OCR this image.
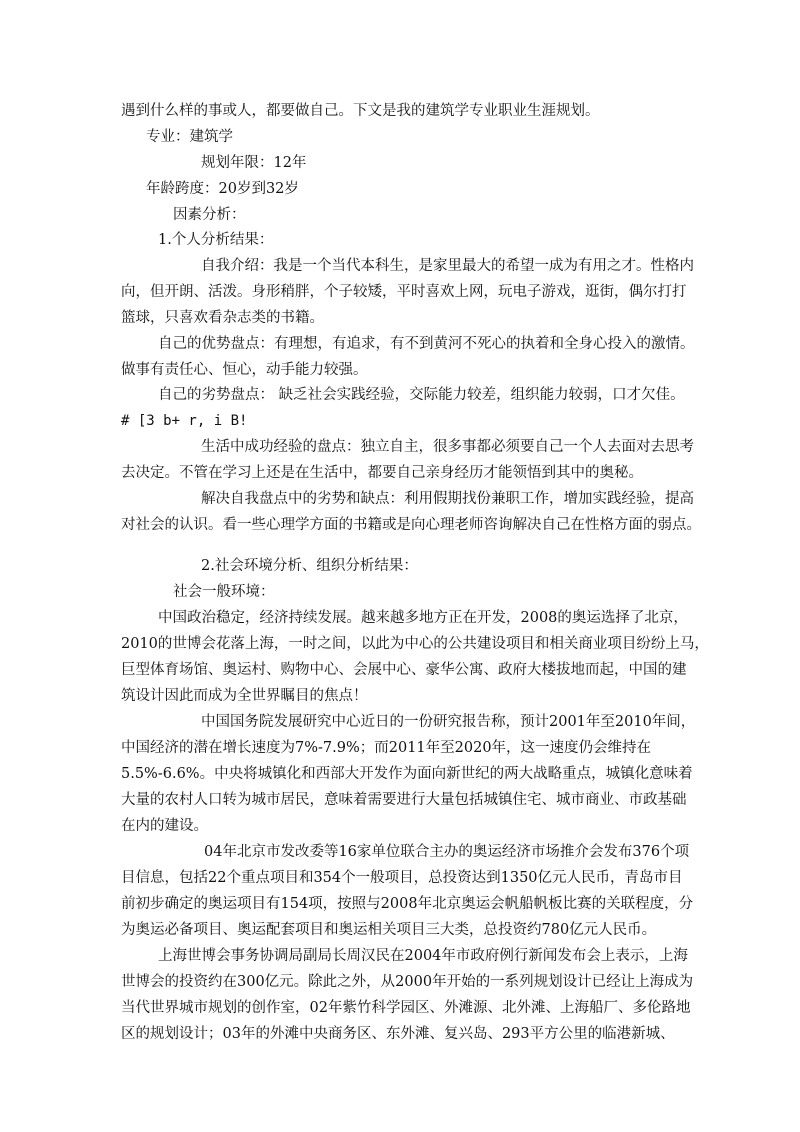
遇到什么样的事或人，都要做自己。下文是我的建筑学专业职业生涯规划。
专业：建筑学
规划年限：12年
年龄跨度：20岁到32岁
因素分析：
1.个人分析结果：
自我介绍：我是一个当代本科生，是家里最大的希望一成为有用之才。性格内
向，但开朗、活泼。身形稍胖，个子较矮，平时喜欢上网，玩电子游戏，逛街，偶尔打打
篮球，只喜欢看杂志类的书籍。
自己的优势盘点：有理想，有追求，有不到黄河不死心的执着和全身心投入的激情。
做事有责任心、恒心，动手能力较强。
自己的劣势盘点： 缺乏社会实践经验，交际能力较差，组织能力较弱，口才欠佳。
# [3 b+ r, i B!
生活中成功经验的盘点：独立自主，很多事都必须要自己一个人去面对去思考
去决定。不管在学习上还是在生活中，都要自己亲身经历才能领悟到其中的奥秘。
解决自我盘点中的劣势和缺点：利用假期找份兼职工作，增加实践经验，提高
对社会的认识。看一些心理学方面的书籍或是向心理老师咨询解决自己在性格方面的弱点。
2.社会环境分析、组织分析结果：
社会一般环境：
中国政治稳定，经济持续发展。越来越多地方正在开发，2008的奥运选择了北京，
2010的世博会花落上海，一时之间，以此为中心的公共建设项目和相关商业项目纷纷上马，
巨型体育场馆、奥运村、购物中心、会展中心、豪华公寓、政府大楼拔地而起，中国的建
筑设计因此而成为全世界瞩目的焦点！
中国国务院发展研究中心近日的一份研究报告称，预计2001年至2010年间，
中国经济的潜在增长速度为7%-7.9%；而2011年至2020年，这一速度仍会维持在
5.5%-6.6%。中央将城镇化和西部大开发作为面向新世纪的两大战略重点，城镇化意味着
大量的农村人口转为城市居民，意味着需要进行大量包括城镇住宅、城市商业、市政基础
在内的建设。
04年北京市发改委等16家单位联合主办的奥运经济市场推介会发布376个项
目信息，包括22个重点项目和354个一般项目，总投资达到1350亿元人民币，青岛市目
前初步确定的奥运项目有154项，按照与2008年北京奥运会帆船帆板比赛的关联程度，分
为奥运必备项目、奥运配套项目和奥运相关项目三大类，总投资约780亿元人民币。
上海世博会事务协调局副局长周汉民在2004年市政府例行新闻发布会上表示，上海
世博会的投资约在300亿元。除此之外，从2000年开始的一系列规划设计已经让上海成为
当代世界城市规划的创作室，02年紫竹科学园区、外滩源、北外滩、上海船厂、多伦路地
区的规划设计；03年的外滩中央商务区、东外滩、复兴岛、293平方公里的临港新城、
